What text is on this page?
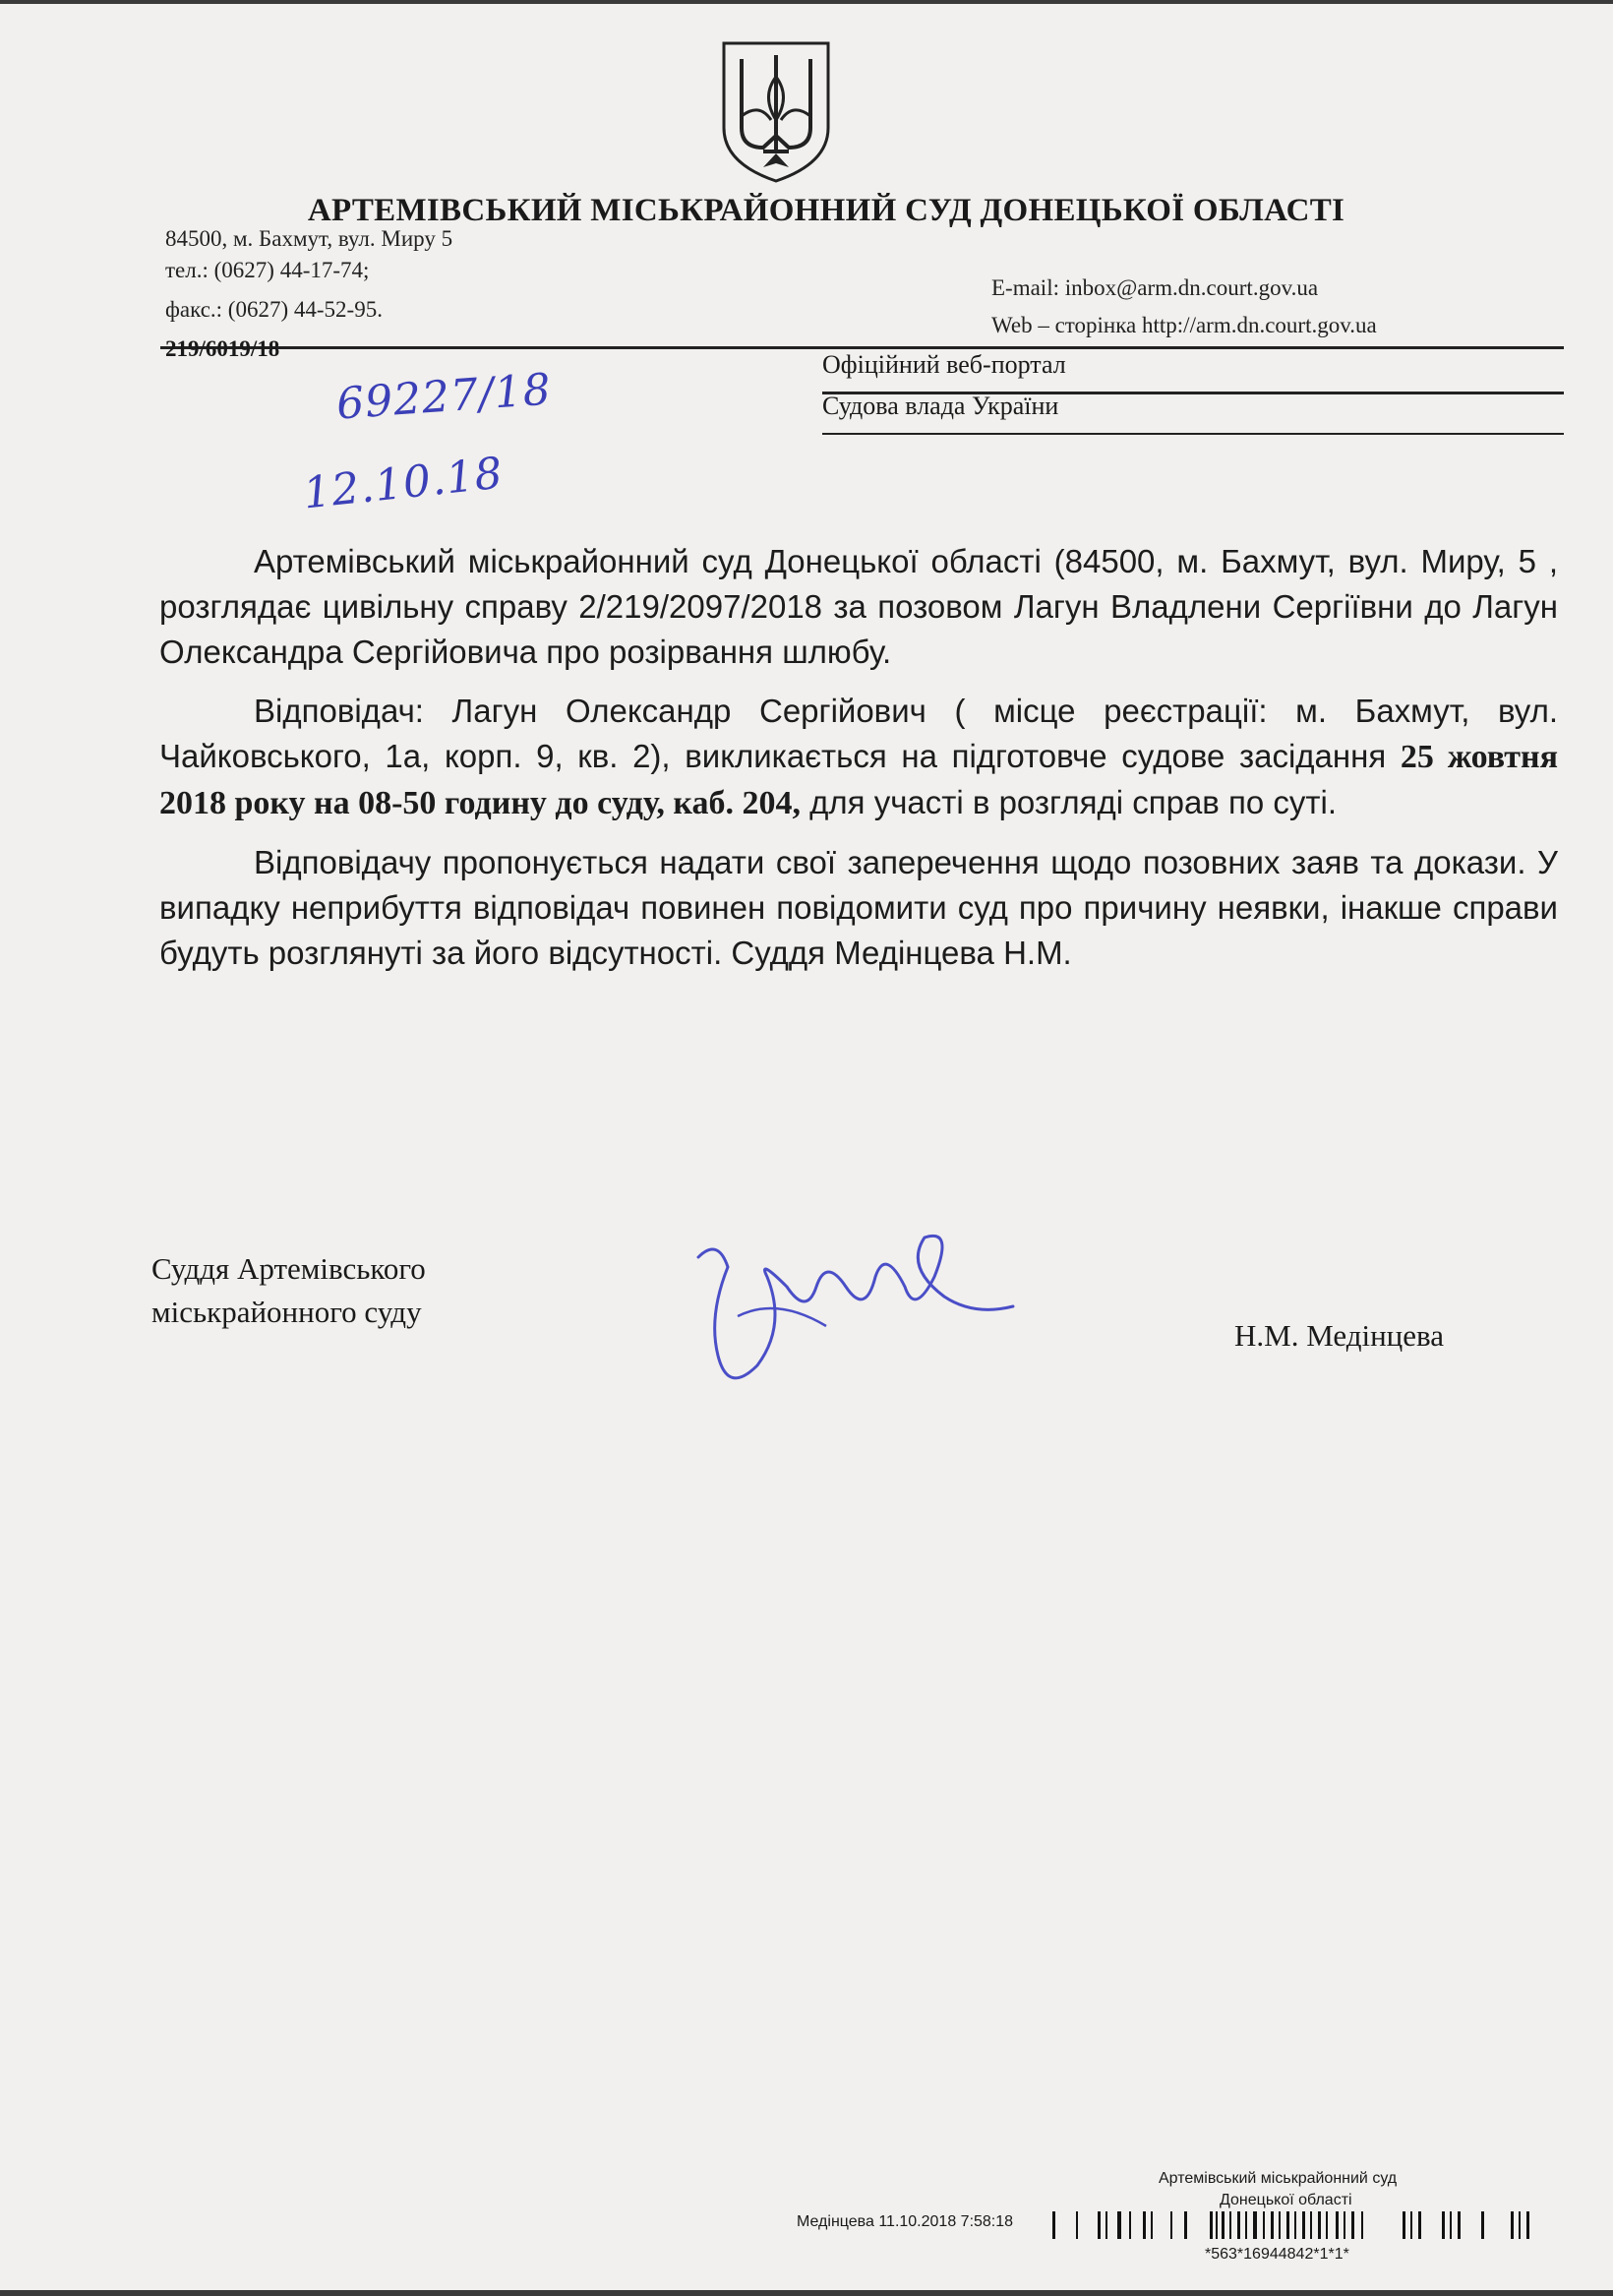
АРТЕМІВСЬКИЙ МІСЬКРАЙОННИЙ СУД ДОНЕЦЬКОЇ ОБЛАСТІ
84500, м. Бахмут, вул. Миру 5
тел.: (0627) 44-17-74;
факс.: (0627) 44-52-95.
E-mail: inbox@arm.dn.court.gov.ua
Web – сторінка http://arm.dn.court.gov.ua
219/6019/18
Офіційний веб-портал
Судова влада України
69227/18
12.10.18

Артемівський міськрайонний суд Донецької області (84500, м. Бахмут, вул. Миру, 5 , розглядає цивільну справу 2/219/2097/2018 за позовом Лагун Владлени Сергіївни до Лагун Олександра Сергійовича про розірвання шлюбу.

Відповідач: Лагун Олександр Сергійович ( місце реєстрації: м. Бахмут, вул. Чайковського, 1а, корп. 9, кв. 2), викликається на підготовче судове засідання 25 жовтня 2018 року на 08-50 годину до суду, каб. 204, для участі в розгляді справ по суті.

Відповідачу пропонується надати свої заперечення щодо позовних заяв та докази. У випадку неприбуття відповідач повинен повідомити суд про причину неявки, інакше справи будуть розглянуті за його відсутності. Суддя Медінцева Н.М.

Суддя Артемівського
міськрайонного суду
Н.М. Медінцева
Артемівський міськрайонний суд
Донецької області
Медінцева 11.10.2018 7:58:18
*563*16944842*1*1*
